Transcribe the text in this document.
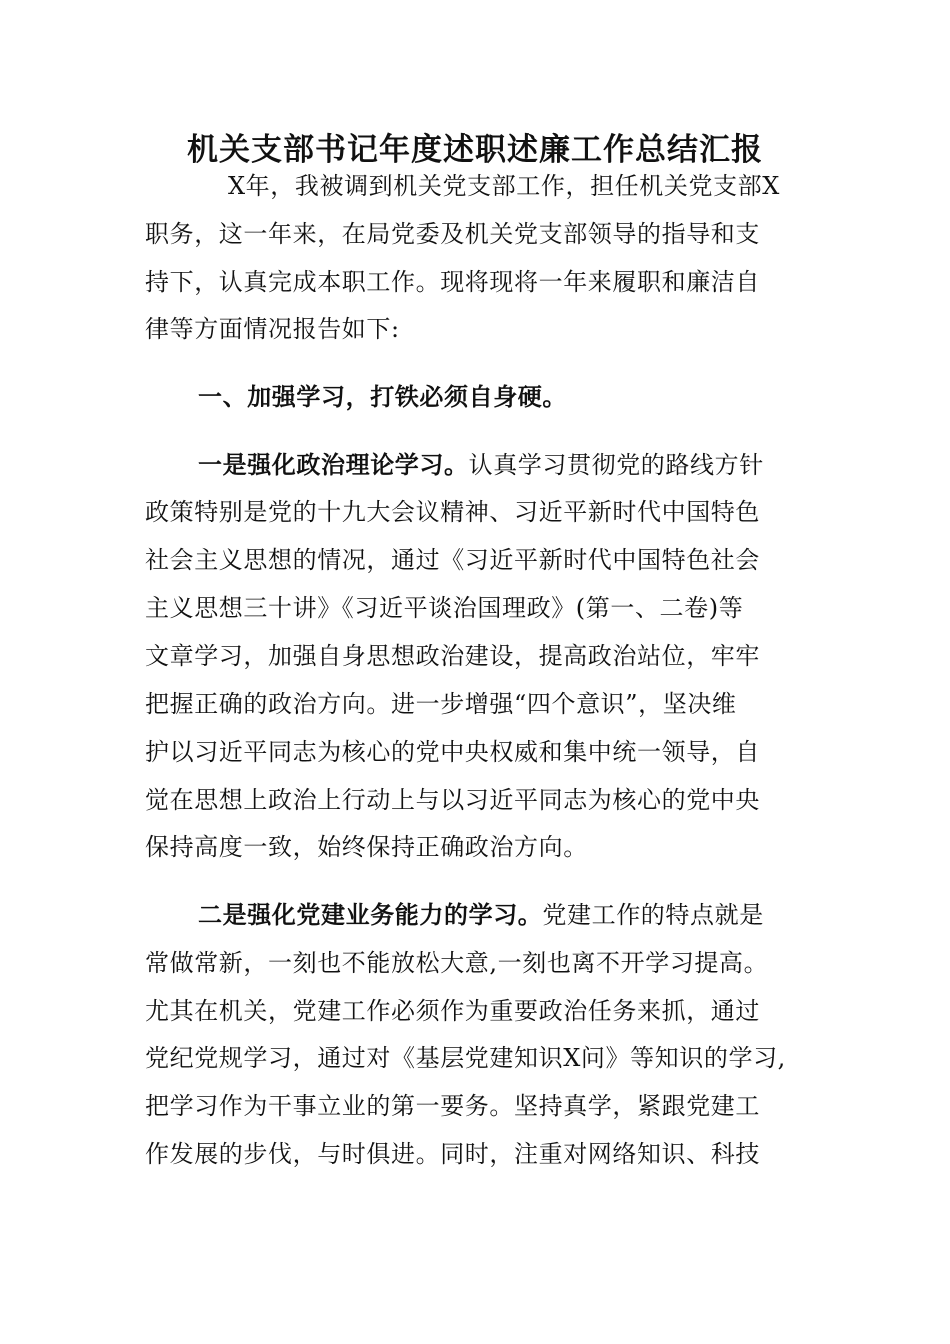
机关支部书记年度述职述廉工作总结汇报
X年，我被调到机关党支部工作，担任机关党支部X
职务，这一年来，在局党委及机关党支部领导的指导和支
持下，认真完成本职工作。现将现将一年来履职和廉洁自
律等方面情况报告如下:
一、加强学习，打铁必须自身硬。
一是强化政治理论学习。认真学习贯彻党的路线方针
政策特别是党的十九大会议精神、习近平新时代中国特色
社会主义思想的情况，通过《习近平新时代中国特色社会
主义思想三十讲》《习近平谈治国理政》(第一、二卷)等
文章学习，加强自身思想政治建设，提高政治站位，牢牢
把握正确的政治方向。进一步增强“四个意识”，坚决维
护以习近平同志为核心的党中央权威和集中统一领导，自
觉在思想上政治上行动上与以习近平同志为核心的党中央
保持高度一致，始终保持正确政治方向。
二是强化党建业务能力的学习。党建工作的特点就是
常做常新，一刻也不能放松大意,一刻也离不开学习提高。
尤其在机关，党建工作必须作为重要政治任务来抓，通过
党纪党规学习，通过对《基层党建知识X问》等知识的学习,
把学习作为干事立业的第一要务。坚持真学，紧跟党建工
作发展的步伐，与时俱进。同时，注重对网络知识、科技
